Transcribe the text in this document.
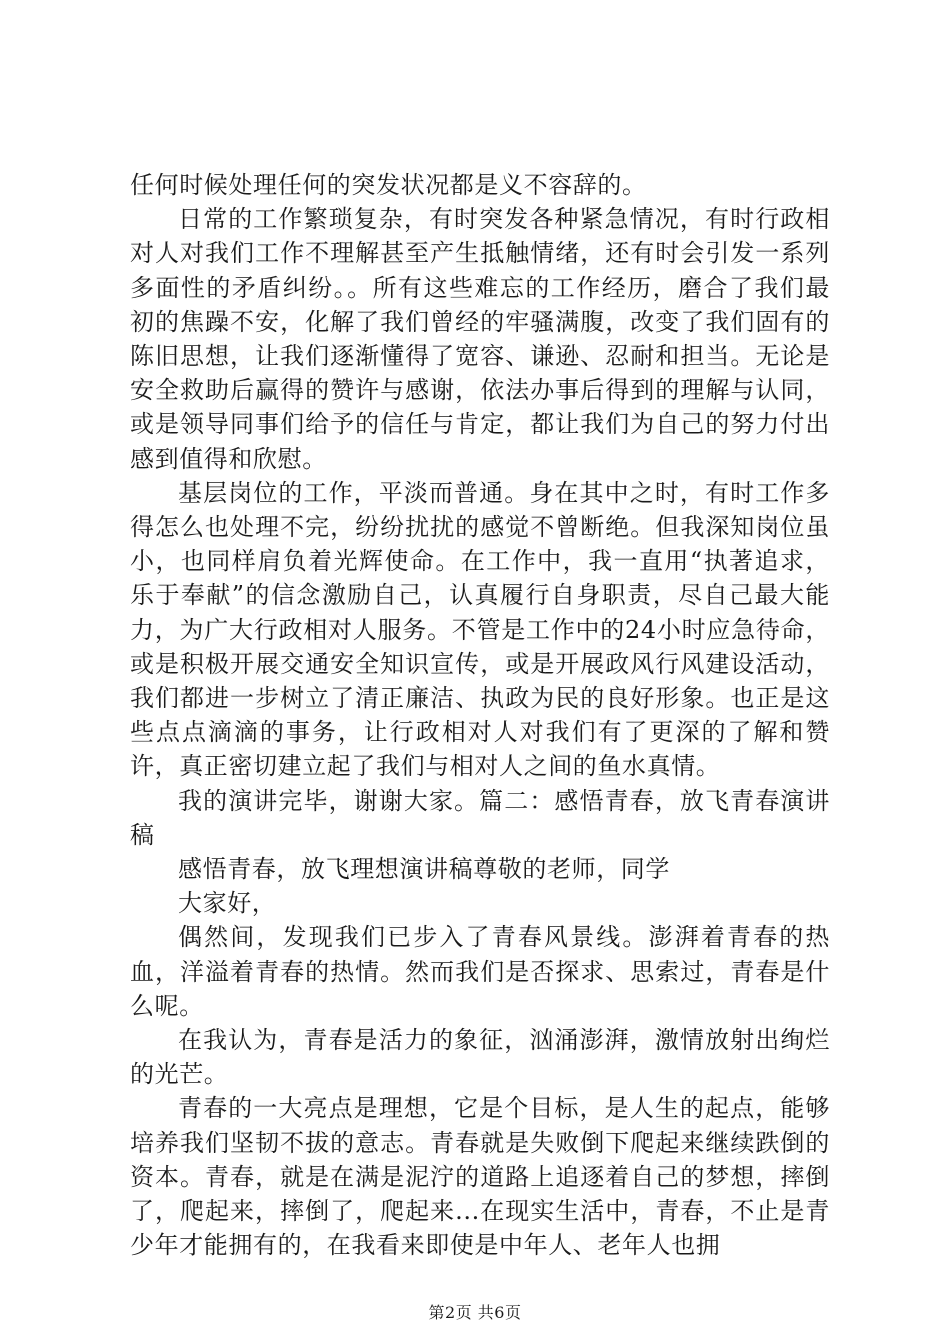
任何时候处理任何的突发状况都是义不容辞的。

日常的工作繁琐复杂，有时突发各种紧急情况，有时行政相对人对我们工作不理解甚至产生抵触情绪，还有时会引发一系列多面性的矛盾纠纷。。所有这些难忘的工作经历，磨合了我们最初的焦躁不安，化解了我们曾经的牢骚满腹，改变了我们固有的陈旧思想，让我们逐渐懂得了宽容、谦逊、忍耐和担当。无论是安全救助后赢得的赞许与感谢，依法办事后得到的理解与认同，或是领导同事们给予的信任与肯定，都让我们为自己的努力付出感到值得和欣慰。

基层岗位的工作，平淡而普通。身在其中之时，有时工作多得怎么也处理不完，纷纷扰扰的感觉不曾断绝。但我深知岗位虽小，也同样肩负着光辉使命。在工作中，我一直用“执著追求，乐于奉献”的信念激励自己，认真履行自身职责，尽自己最大能力，为广大行政相对人服务。不管是工作中的24小时应急待命，或是积极开展交通安全知识宣传，或是开展政风行风建设活动，我们都进一步树立了清正廉洁、执政为民的良好形象。也正是这些点点滴滴的事务，让行政相对人对我们有了更深的了解和赞许，真正密切建立起了我们与相对人之间的鱼水真情。

我的演讲完毕，谢谢大家。篇二：感悟青春，放飞青春演讲稿

感悟青春，放飞理想演讲稿尊敬的老师，同学

大家好，

偶然间，发现我们已步入了青春风景线。澎湃着青春的热血，洋溢着青春的热情。然而我们是否探求、思索过，青春是什么呢。

在我认为，青春是活力的象征，汹涌澎湃，激情放射出绚烂的光芒。

青春的一大亮点是理想，它是个目标，是人生的起点，能够培养我们坚韧不拔的意志。青春就是失败倒下爬起来继续跌倒的资本。青春，就是在满是泥泞的道路上追逐着自己的梦想，摔倒了，爬起来，摔倒了，爬起来...在现实生活中，青春，不止是青少年才能拥有的，在我看来即使是中年人、老年人也拥

第2页 共6页
